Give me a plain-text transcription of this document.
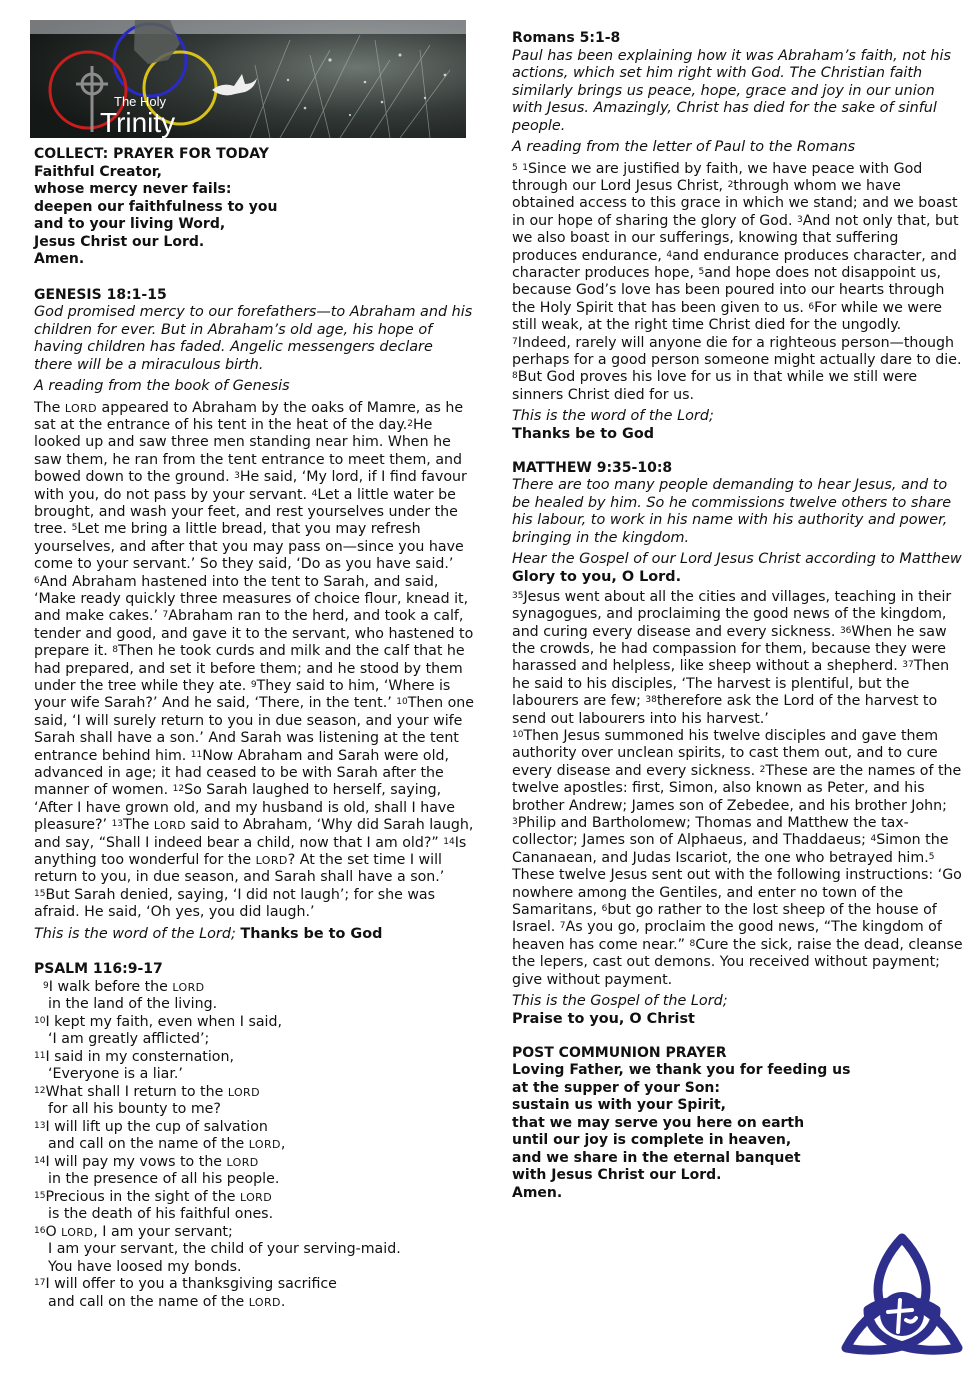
The Holy
Trinity
COLLECT: PRAYER FOR TODAY
Faithful Creator,
whose mercy never fails:
deepen our faithfulness to you
and to your living Word,
Jesus Christ our Lord.
Amen.
GENESIS 18:1-15
God promised mercy to our forefathers—to Abraham and his children for ever. But in Abraham’s old age, his hope of having children has faded. Angelic messengers declare there will be a miraculous birth.
A reading from the book of Genesis
The LORD appeared to Abraham by the oaks of Mamre, as he sat at the entrance of his tent in the heat of the day.$^2$He looked up and saw three men standing near him. When he saw them, he ran from the tent entrance to meet them, and bowed down to the ground. $^3$He said, ‘My lord, if I find favour with you, do not pass by your servant. $^4$Let a little water be brought, and wash your feet, and rest yourselves under the tree. $^5$Let me bring a little bread, that you may refresh yourselves, and after that you may pass on—since you have come to your servant.’ So they said, ‘Do as you have said.’ $^6$And Abraham hastened into the tent to Sarah, and said, ‘Make ready quickly three measures of choice flour, knead it, and make cakes.’ $^7$Abraham ran to the herd, and took a calf, tender and good, and gave it to the servant, who hastened to prepare it. $^8$Then he took curds and milk and the calf that he had prepared, and set it before them; and he stood by them under the tree while they ate. $^9$They said to him, ‘Where is your wife Sarah?’ And he said, ‘There, in the tent.’ $^{10}$Then one said, ‘I will surely return to you in due season, and your wife Sarah shall have a son.’ And Sarah was listening at the tent entrance behind him. $^{11}$Now Abraham and Sarah were old, advanced in age; it had ceased to be with Sarah after the manner of women. $^{12}$So Sarah laughed to herself, saying, ‘After I have grown old, and my husband is old, shall I have pleasure?’ $^{13}$The LORD said to Abraham, ‘Why did Sarah laugh, and say, “Shall I indeed bear a child, now that I am old?” $^{14}$Is anything too wonderful for the LORD? At the set time I will return to you, in due season, and Sarah shall have a son.’ $^{15}$But Sarah denied, saying, ‘I did not laugh’; for she was afraid. He said, ‘Oh yes, you did laugh.’
This is the word of the Lord; Thanks be to God
PSALM 116:9-17
$^9$I walk before the LORD
in the land of the living.
$^{10}$I kept my faith, even when I said,
‘I am greatly afflicted’;
$^{11}$I said in my consternation,
‘Everyone is a liar.’
$^{12}$What shall I return to the LORD
for all his bounty to me?
$^{13}$I will lift up the cup of salvation
and call on the name of the LORD,
$^{14}$I will pay my vows to the LORD
in the presence of all his people.
$^{15}$Precious in the sight of the LORD
is the death of his faithful ones.
$^{16}$O LORD, I am your servant;
I am your servant, the child of your serving-maid.
You have loosed my bonds.
$^{17}$I will offer to you a thanksgiving sacrifice
and call on the name of the LORD.
Romans 5:1-8
Paul has been explaining how it was Abraham’s faith, not his actions, which set him right with God. The Christian faith similarly brings us peace, hope, grace and joy in our union with Jesus. Amazingly, Christ has died for the sake of sinful people.
A reading from the letter of Paul to the Romans
$^5$ $^1$Since we are justified by faith, we have peace with God through our Lord Jesus Christ, $^2$through whom we have obtained access to this grace in which we stand; and we boast in our hope of sharing the glory of God. $^3$And not only that, but we also boast in our sufferings, knowing that suffering produces endurance, $^4$and endurance produces character, and character produces hope, $^5$and hope does not disappoint us, because God’s love has been poured into our hearts through the Holy Spirit that has been given to us. $^6$For while we were still weak, at the right time Christ died for the ungodly. $^7$Indeed, rarely will anyone die for a righteous person—though perhaps for a good person someone might actually dare to die. $^8$But God proves his love for us in that while we still were sinners Christ died for us.
This is the word of the Lord;
Thanks be to God
MATTHEW 9:35-10:8
There are too many people demanding to hear Jesus, and to be healed by him. So he commissions twelve others to share his labour, to work in his name with his authority and power, bringing in the kingdom.
Hear the Gospel of our Lord Jesus Christ according to Matthew
Glory to you, O Lord.
$^{35}$Jesus went about all the cities and villages, teaching in their synagogues, and proclaiming the good news of the kingdom, and curing every disease and every sickness. $^{36}$When he saw the crowds, he had compassion for them, because they were harassed and helpless, like sheep without a shepherd. $^{37}$Then he said to his disciples, ‘The harvest is plentiful, but the labourers are few; $^{38}$therefore ask the Lord of the harvest to send out labourers into his harvest.’
$^{10}$Then Jesus summoned his twelve disciples and gave them authority over unclean spirits, to cast them out, and to cure every disease and every sickness. $^2$These are the names of the twelve apostles: first, Simon, also known as Peter, and his brother Andrew; James son of Zebedee, and his brother John; $^3$Philip and Bartholomew; Thomas and Matthew the tax-collector; James son of Alphaeus, and Thaddaeus; $^4$Simon the Cananaean, and Judas Iscariot, the one who betrayed him.$^5$ These twelve Jesus sent out with the following instructions: ‘Go nowhere among the Gentiles, and enter no town of the Samaritans, $^6$but go rather to the lost sheep of the house of Israel. $^7$As you go, proclaim the good news, “The kingdom of heaven has come near.” $^8$Cure the sick, raise the dead, cleanse the lepers, cast out demons. You received without payment; give without payment.
This is the Gospel of the Lord;
Praise to you, O Christ
POST COMMUNION PRAYER
Loving Father, we thank you for feeding us
at the supper of your Son:
sustain us with your Spirit,
that we may serve you here on earth
until our joy is complete in heaven,
and we share in the eternal banquet
with Jesus Christ our Lord.
Amen.
